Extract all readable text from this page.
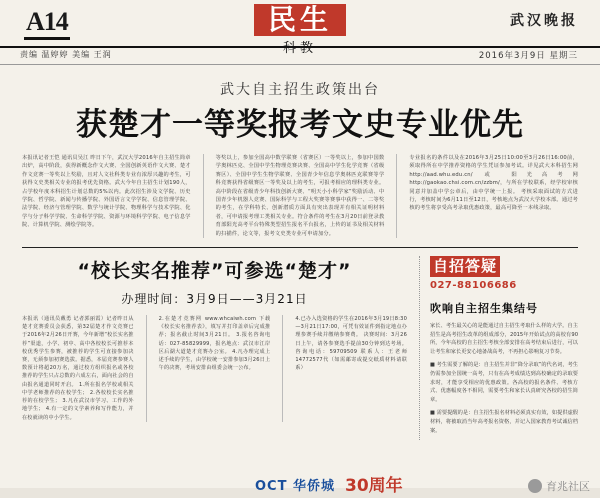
A14	民生
科教
武汉晚报
责编 温婷婷 美编 王润	2016年3月9日 星期三
武大自主招生政策出台
获楚才一等奖报考文史专业优先
本报讯记者王恺 通讯员吴江 昨日下午，武汉大学2016年自主招生简章出炉，高中阶段，获得新概念作文大赛、全国创新英语作文大赛、楚才作文竞赛一等奖以上奖励，且对人文社科类专业有浓厚兴趣的考生，可获得文史类相关专业的报考优先资格。武大今年自主招生计划190人，占学校年度本科招生计划总数的5%以内。此次招生涉及文学院、历史学院、哲学院、新闻与传播学院、外国语言文学学院、信息管理学院、法学院、经济与管理学院、数学与统计学院、物理科学与技术学院、化学与分子科学学院、生命科学学院、资源与环境科学学院、电子信息学院、计算机学院、测绘学院等。
等奖以上，参加全国高中数学联赛（省赛区）一等奖以上，参加中国数学奥林匹克、全国中学生物理竞赛决赛、全国高中学生化学竞赛（省级赛区）、全国中学生生物学联赛、全国青少年信息学奥林匹克联赛等学科竞赛获得省级赛区一等奖及以上的考生，可报考相应的理科类专业。 高中阶段在省级青少年科技创新大赛、“明天小小科学家”奖励活动、中国青少年机器人竞赛、国际科学与工程大奖赛等赛事中获得一、二等奖的考生，在学科特长、创新潜质方面具有突出表现并有相关证明材料者，可申请报考理工类相关专业。符合条件的考生在3月20日前登录教育部阳光高考平台特殊类型招生报名平台报名，上传的证书及相关材料的扫描件，论文等，报考文史类专业可申请加分。
专业报名的条件以及在2016年3月25日10:00至3月26日16:00前，须取得所在中学推荐资格的学生凭证参加考试。详见武大本科招生网 http://aad.whu.edu.cn/ 或 阳光高考网 http://gaokao.chsi.com.cn/zzbm/，与所在学校联系，经学校审核同意并加盖中学公章后，由中学统一上报。 考核采取面试的方式进行，考核时间为6月11日至12日，考核地点为武汉大学校本部。通过考核的考生将享受高考录取优惠政策，最高可降至一本线录取。
“校长实名推荐”可参选“楚才”
办理时间：3月9日——3月21日
本报讯（通讯员戴勇 记者郭丽霞）记者昨日从楚才竞赛委员会获悉，第32届楚才作文竞赛已于2016年2月26日开赛，今年新增“校长实名推荐”渠道，小学、初中、高中各校校长可推荐本校优秀学生参赛，被推荐的学生可直接参加决赛，无须参加初赛选拔。据悉，本届竞赛参赛人数预计将超20万名，通过校方组织报名或各校推荐的学生只占总数的六成左右，面向社会的自由报名通道同时开启。 1.所在报名学校或相关中学老师推荐的在校学生； 2.各校校长实名推荐的在校学生； 3.凡在武汉市学习、工作的外地学生； 4.有一定的文学素养和写作能力，并在校就读的中小学生。
2.在楚才竞赛网 www.whcaiwh.com 下载《校长实名推荐表》，填写并打印盖章后完成推荐；报名截止时间3月21日。 3.报名咨询电话：027-85829999，报名地点：武汉市江岸区后湖大道楚才竞赛办公室。 4.凡办理完成上述手续的学生，由学校统一安排参加3月26日上午的决赛，考场安排由组委会统一公布。
4.已办入选资格的学生在2016年3月19日8:30—3月21日17:00，可凭有效证件到指定地点办理参赛手续并缴纳参赛费。 决赛时间：3月26日上午，请各参赛选手提前30分钟到达考场。 咨询电话：59709509 联系人：王老师 14772577代（如需邮寄或提交纸质材料请联系）
自招答疑
027-88106686
吹响自主招生集结号

家长、考生最关心的是能通过自主招生考取什么样的大学。自主招生是高考招生改革的组成部分，2015年开始试点的高校有90所，今年高校的自主招生考核全部安排在高考结束后进行，可以让考生和家长更安心地备战高考，不再担心影响复习节奏。

■ 考生需要了解的是：自主招生并非“降分录取”的代名词，考生仍需参加全国统一高考，只有在高考成绩达到高校确定的录取要求时，才能享受相应的优惠政策。各高校的报名条件、考核方式、优惠幅度各不相同，需要考生和家长认真研究各校的招生简章。

■ 需要提醒的是：自主招生报名材料必须真实有效，如提供虚假材料，将被取消当年高考报名资格，并记入国家教育考试诚信档案。

OCT 华侨城 30周年	育兆社区
